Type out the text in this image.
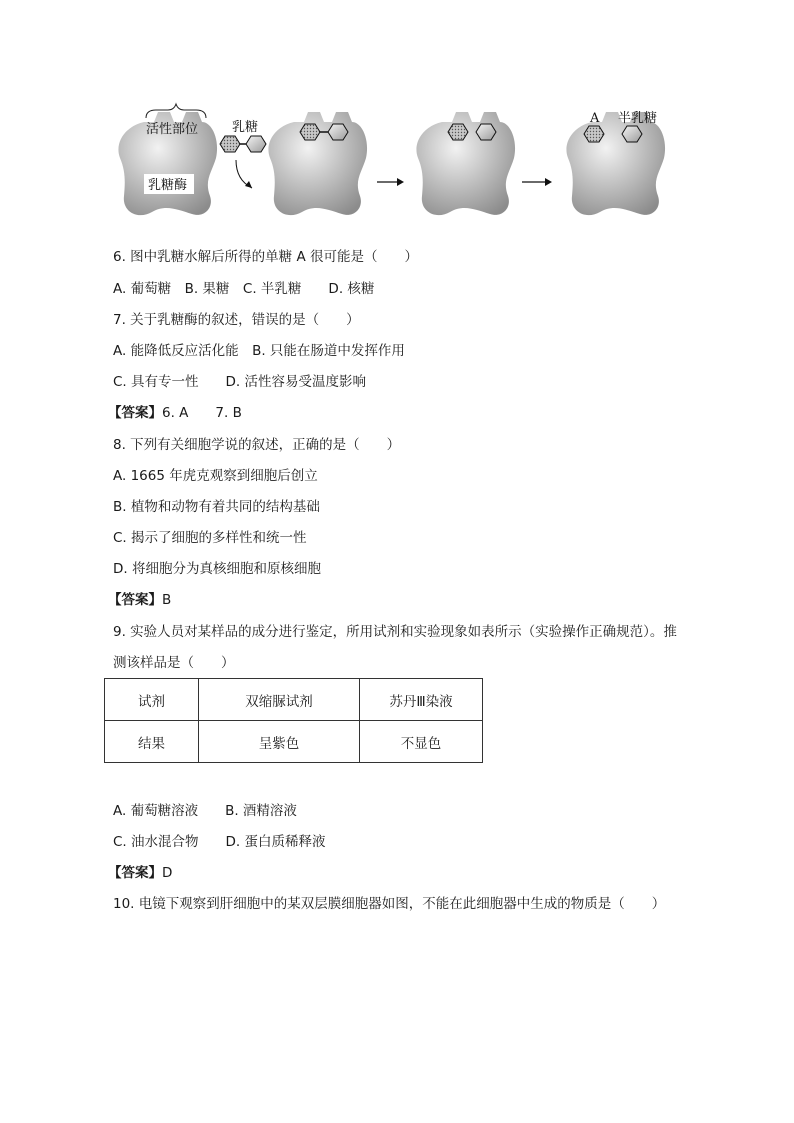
活性部位
乳糖酶
乳糖
A 半乳糖
6. 图中乳糖水解后所得的单糖 A 很可能是（　　）
A. 葡萄糖　B. 果糖　C. 半乳糖　　D. 核糖
7. 关于乳糖酶的叙述，错误的是（　　）
A. 能降低反应活化能　B. 只能在肠道中发挥作用
C. 具有专一性　　D. 活性容易受温度影响
【答案】6. A　　7. B
8. 下列有关细胞学说的叙述，正确的是（　　）
A. 1665 年虎克观察到细胞后创立
B. 植物和动物有着共同的结构基础
C. 揭示了细胞的多样性和统一性
D. 将细胞分为真核细胞和原核细胞
【答案】B
9. 实验人员对某样品的成分进行鉴定，所用试剂和实验现象如表所示（实验操作正确规范）。推
测该样品是（　　）
试剂	双缩脲试剂	苏丹Ⅲ染液
结果	呈紫色	不显色
A. 葡萄糖溶液　　B. 酒精溶液
C. 油水混合物　　D. 蛋白质稀释液
【答案】D
10. 电镜下观察到肝细胞中的某双层膜细胞器如图，不能在此细胞器中生成的物质是（　　）
